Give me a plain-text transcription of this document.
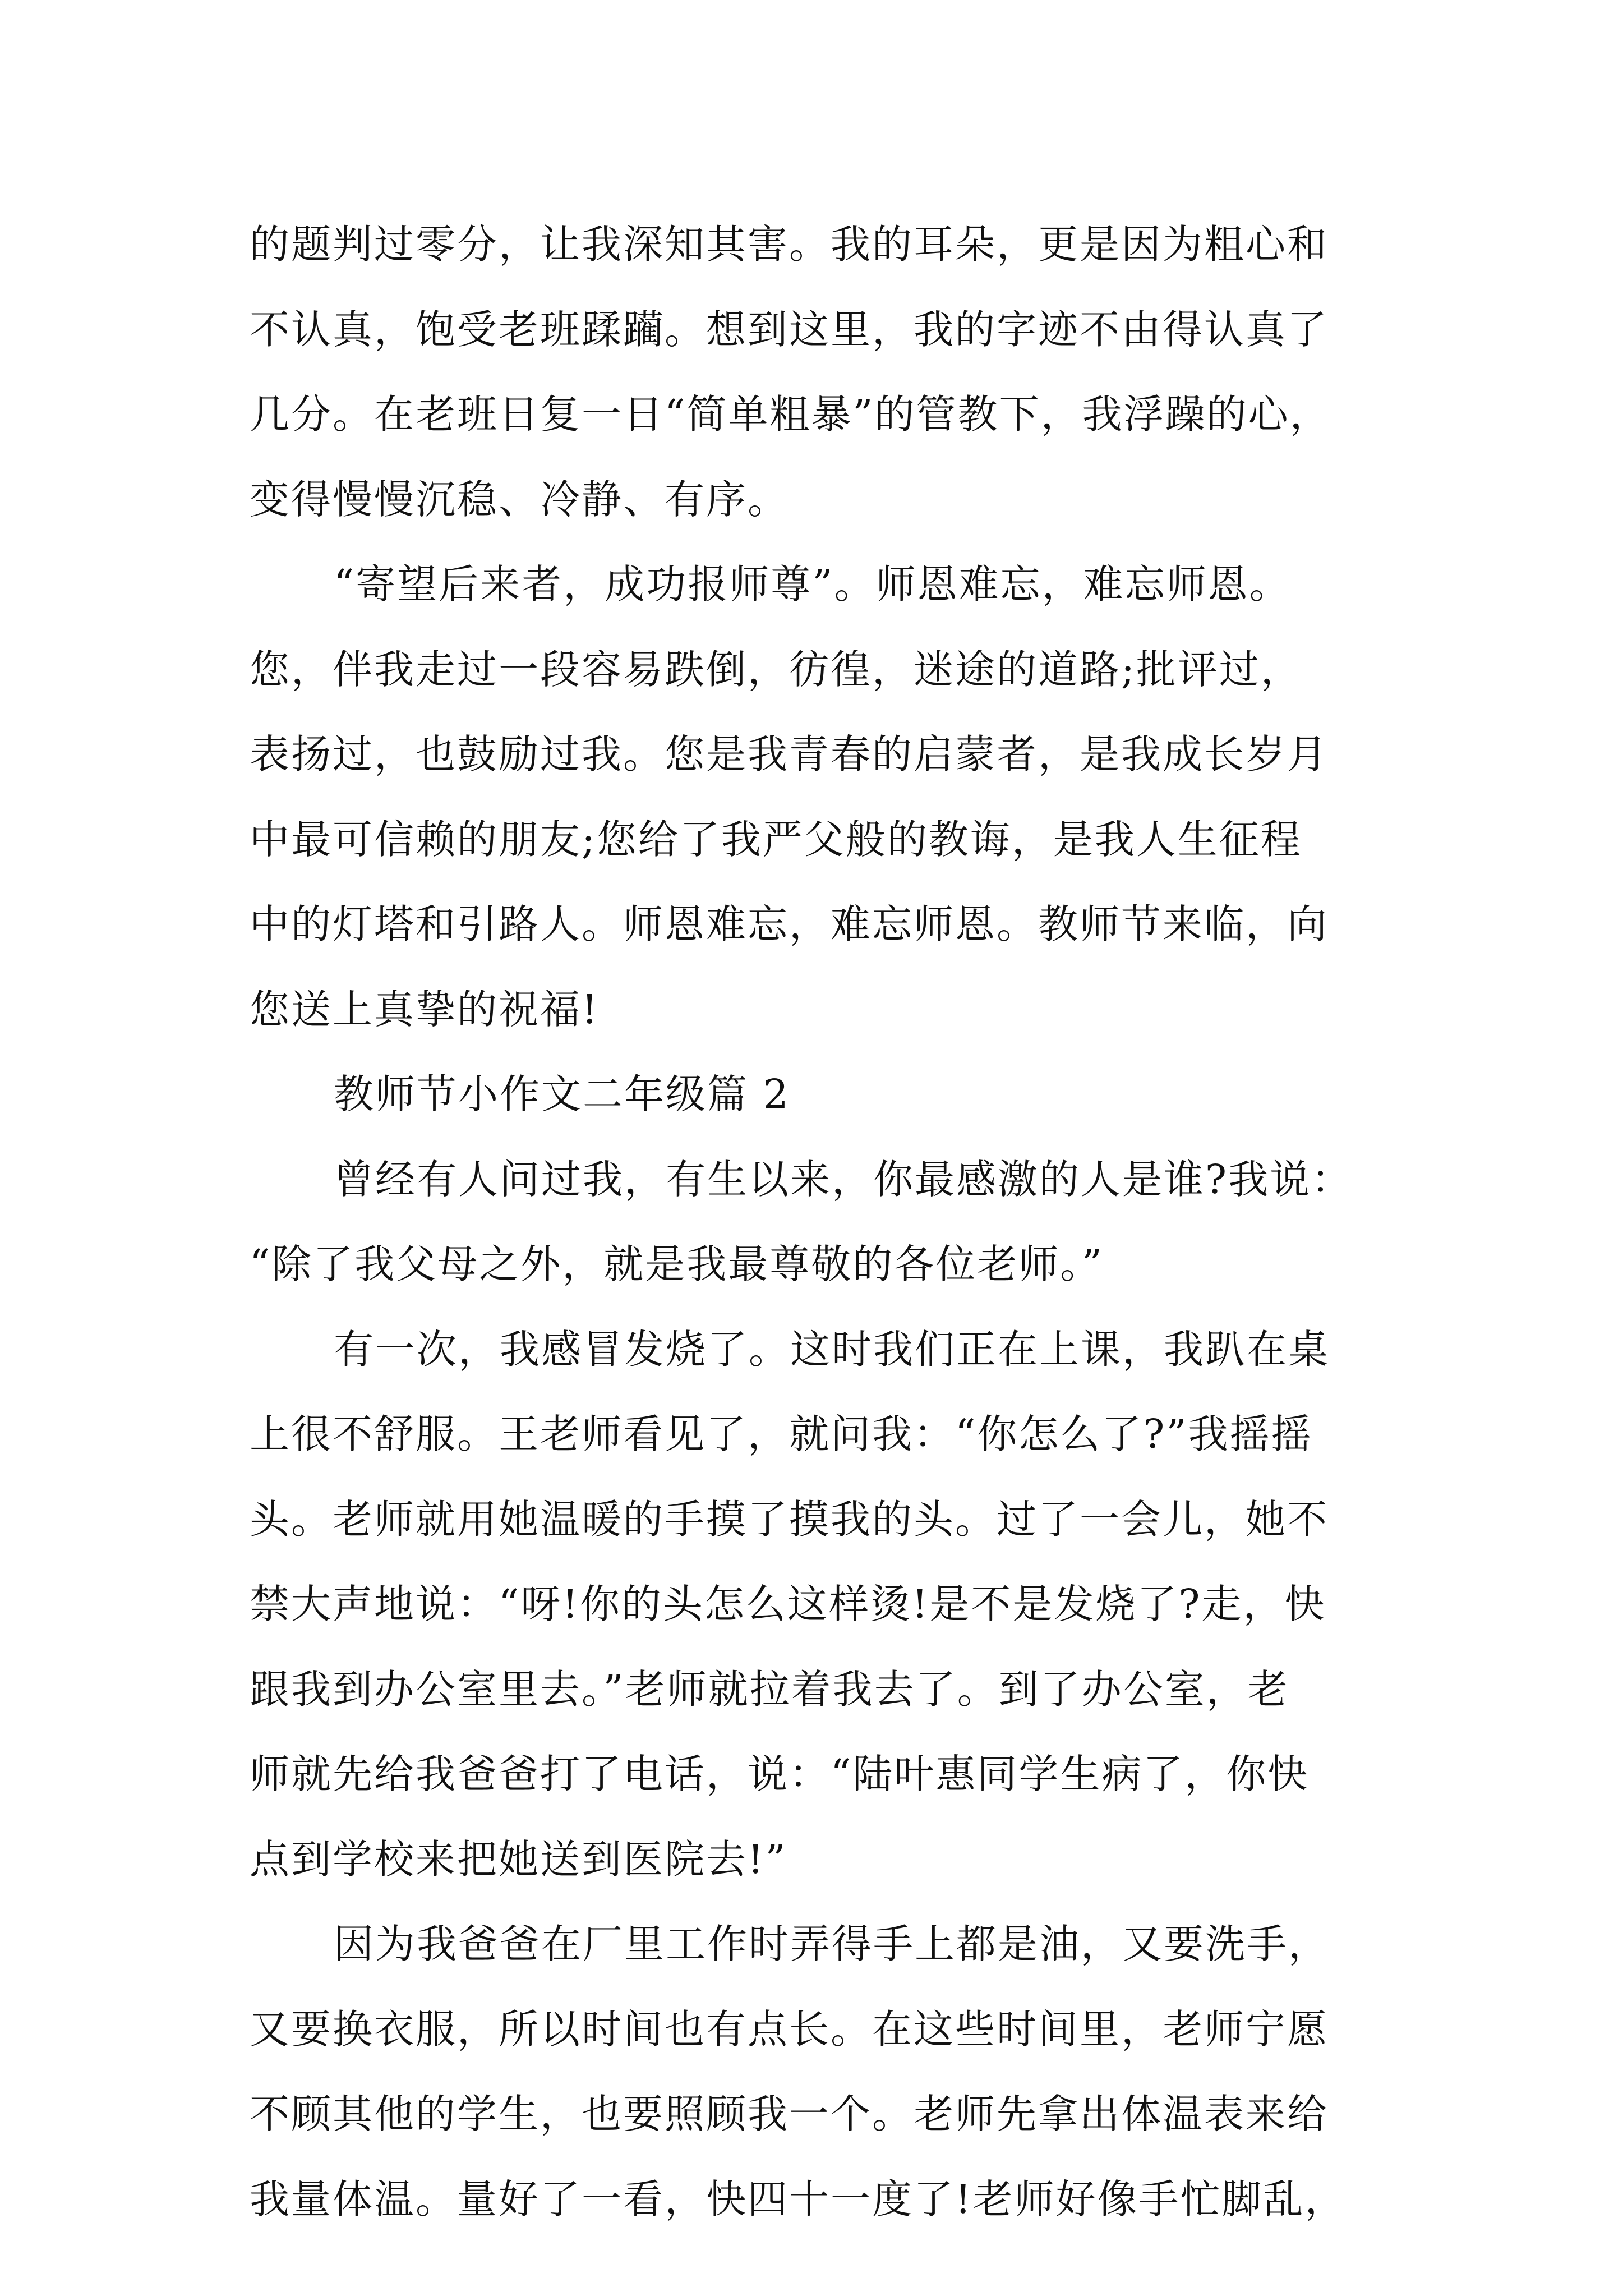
的题判过零分，让我深知其害。我的耳朵，更是因为粗心和
不认真，饱受老班蹂躏。想到这里，我的字迹不由得认真了
几分。在老班日复一日“简单粗暴”的管教下，我浮躁的心，
变得慢慢沉稳、冷静、有序。
“寄望后来者，成功报师尊”。师恩难忘，难忘师恩。
您，伴我走过一段容易跌倒，彷徨，迷途的道路;批评过，
表扬过，也鼓励过我。您是我青春的启蒙者，是我成长岁月
中最可信赖的朋友;您给了我严父般的教诲，是我人生征程
中的灯塔和引路人。师恩难忘，难忘师恩。教师节来临，向
您送上真挚的祝福!
教师节小作文二年级篇 2
曾经有人问过我，有生以来，你最感激的人是谁?我说：
“除了我父母之外，就是我最尊敬的各位老师。”
有一次，我感冒发烧了。这时我们正在上课，我趴在桌
上很不舒服。王老师看见了，就问我：“你怎么了?”我摇摇
头。老师就用她温暖的手摸了摸我的头。过了一会儿，她不
禁大声地说：“呀!你的头怎么这样烫!是不是发烧了?走，快
跟我到办公室里去。”老师就拉着我去了。到了办公室，老
师就先给我爸爸打了电话，说：“陆叶惠同学生病了，你快
点到学校来把她送到医院去!”
因为我爸爸在厂里工作时弄得手上都是油，又要洗手，
又要换衣服，所以时间也有点长。在这些时间里，老师宁愿
不顾其他的学生，也要照顾我一个。老师先拿出体温表来给
我量体温。量好了一看，快四十一度了!老师好像手忙脚乱，
